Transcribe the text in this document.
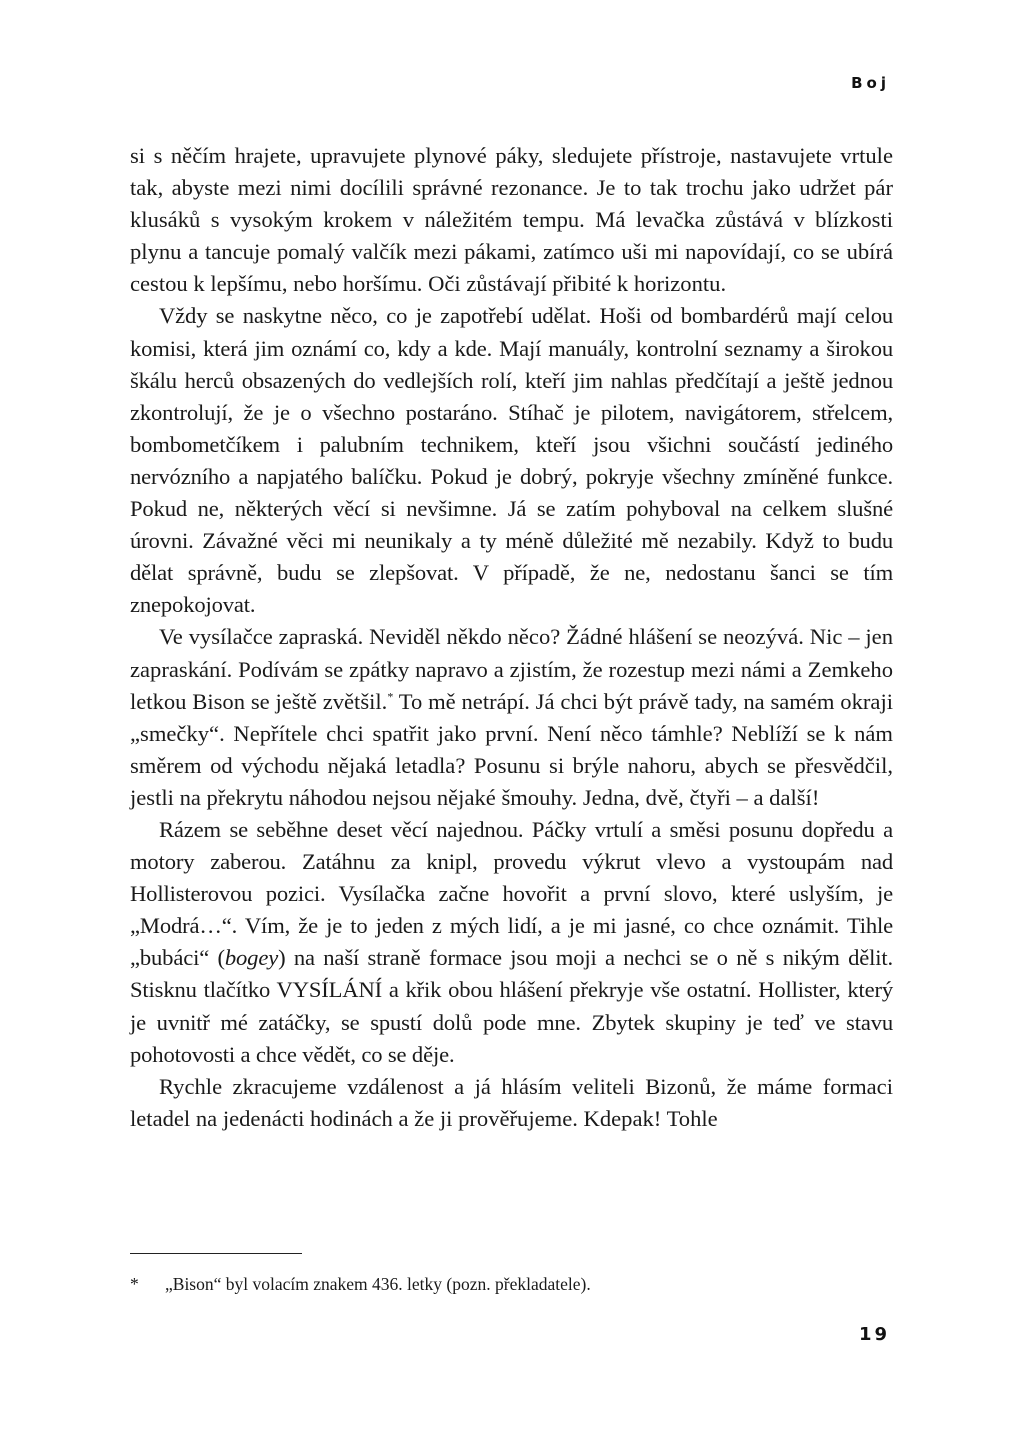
Boj

si s něčím hrajete, upravujete plynové páky, sledujete přístroje, nastavujete vrtule tak, abyste mezi nimi docílili správné rezonance. Je to tak trochu jako udržet pár klusáků s vysokým krokem v náležitém tempu. Má levačka zůstává v blízkosti plynu a tancuje pomalý valčík mezi pákami, zatímco uši mi napovídají, co se ubírá cestou k lepšímu, nebo horšímu. Oči zůstávají přibité k horizontu.

Vždy se naskytne něco, co je zapotřebí udělat. Hoši od bombardérů mají celou komisi, která jim oznámí co, kdy a kde. Mají manuály, kontrolní seznamy a širokou škálu herců obsazených do vedlejších rolí, kteří jim nahlas předčítají a ještě jednou zkontrolují, že je o všechno postaráno. Stíhač je pilotem, navigátorem, střelcem, bombometčíkem i palubním technikem, kteří jsou všichni součástí jediného nervózního a napjatého balíčku. Pokud je dobrý, pokryje všechny zmíněné funkce. Pokud ne, některých věcí si nevšimne. Já se zatím pohyboval na celkem slušné úrovni. Závažné věci mi neunikaly a ty méně důležité mě nezabily. Když to budu dělat správně, budu se zlepšovat. V případě, že ne, nedostanu šanci se tím znepokojovat.

Ve vysílačce zapraská. Neviděl někdo něco? Žádné hlášení se neozývá. Nic – jen zapraskání. Podívám se zpátky napravo a zjistím, že rozestup mezi námi a Zemkeho letkou Bison se ještě zvětšil.* To mě netrápí. Já chci být právě tady, na samém okraji „smečky“. Nepřítele chci spatřit jako první. Není něco támhle? Neblíží se k nám směrem od východu nějaká letadla? Posunu si brýle nahoru, abych se přesvědčil, jestli na překrytu náhodou nejsou nějaké šmouhy. Jedna, dvě, čtyři – a další!

Rázem se seběhne deset věcí najednou. Páčky vrtulí a směsi posunu dopředu a motory zaberou. Zatáhnu za knipl, provedu výkrut vlevo a vystoupám nad Hollisterovou pozici. Vysílačka začne hovořit a první slovo, které uslyším, je „Modrá…“. Vím, že je to jeden z mých lidí, a je mi jasné, co chce oznámit. Tihle „bubáci“ (bogey) na naší straně formace jsou moji a nechci se o ně s nikým dělit. Stisknu tlačítko VYSÍLÁNÍ a křik obou hlášení překryje vše ostatní. Hollister, který je uvnitř mé zatáčky, se spustí dolů pode mne. Zbytek skupiny je teď ve stavu pohotovosti a chce vědět, co se děje.

Rychle zkracujeme vzdálenost a já hlásím veliteli Bizonů, že máme formaci letadel na jedenácti hodinách a že ji prověřujeme. Kdepak! Tohle

* „Bison“ byl volacím znakem 436. letky (pozn. překladatele).
19
